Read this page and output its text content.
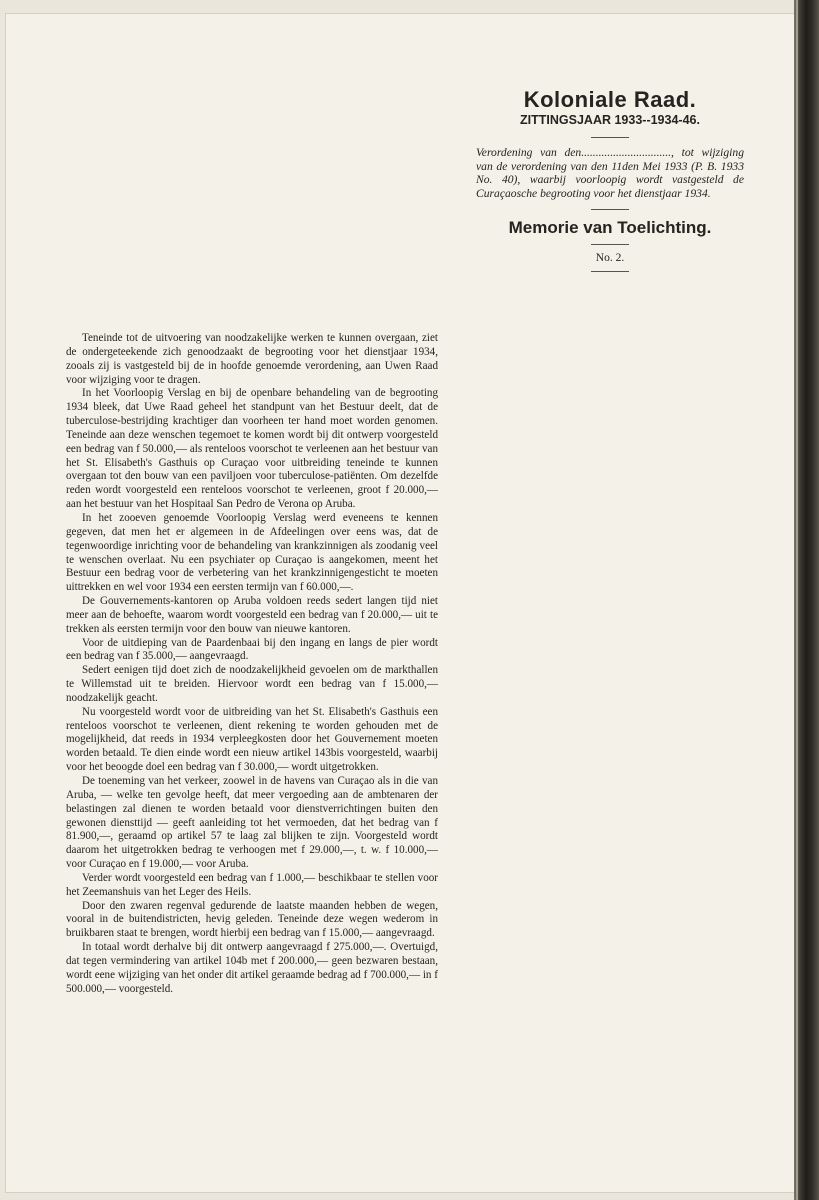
Koloniale Raad.
ZITTINGSJAAR 1933--1934-46.
Verordening van den..............................., tot wijziging van de verordening van den 11den Mei 1933 (P. B. 1933 No. 40), waarbij voorloopig wordt vastgesteld de Curaçaosche begrooting voor het dienstjaar 1934.
Memorie van Toelichting.
No. 2.

Teneinde tot de uitvoering van noodzakelijke werken te kunnen overgaan, ziet de ondergeteekende zich genoodzaakt de begrooting voor het dienstjaar 1934, zooals zij is vastgesteld bij de in hoofde genoemde verordening, aan Uwen Raad voor wijziging voor te dragen.

In het Voorloopig Verslag en bij de openbare behandeling van de begrooting 1934 bleek, dat Uwe Raad geheel het standpunt van het Bestuur deelt, dat de tuberculose-bestrijding krachtiger dan voorheen ter hand moet worden genomen. Teneinde aan deze wenschen tegemoet te komen wordt bij dit ontwerp voorgesteld een bedrag van f 50.000,— als renteloos voorschot te verleenen aan het bestuur van het St. Elisabeth's Gasthuis op Curaçao voor uitbreiding teneinde te kunnen overgaan tot den bouw van een paviljoen voor tuberculose-patiënten. Om dezelfde reden wordt voorgesteld een renteloos voorschot te verleenen, groot f 20.000,— aan het bestuur van het Hospitaal San Pedro de Verona op Aruba.

In het zooeven genoemde Voorloopig Verslag werd eveneens te kennen gegeven, dat men het er algemeen in de Afdeelingen over eens was, dat de tegenwoordige inrichting voor de behandeling van krankzinnigen als zoodanig veel te wenschen overlaat. Nu een psychiater op Curaçao is aangekomen, meent het Bestuur een bedrag voor de verbetering van het krankzinnigengesticht te moeten uittrekken en wel voor 1934 een eersten termijn van f 60.000,—.

De Gouvernements-kantoren op Aruba voldoen reeds sedert langen tijd niet meer aan de behoefte, waarom wordt voorgesteld een bedrag van f 20.000,— uit te trekken als eersten termijn voor den bouw van nieuwe kantoren.

Voor de uitdieping van de Paardenbaai bij den ingang en langs de pier wordt een bedrag van f 35.000,— aangevraagd.

Sedert eenigen tijd doet zich de noodzakelijkheid gevoelen om de markthallen te Willemstad uit te breiden. Hiervoor wordt een bedrag van f 15.000,— noodzakelijk geacht.

Nu voorgesteld wordt voor de uitbreiding van het St. Elisabeth's Gasthuis een renteloos voorschot te verleenen, dient rekening te worden gehouden met de mogelijkheid, dat reeds in 1934 verpleegkosten door het Gouvernement moeten worden betaald. Te dien einde wordt een nieuw artikel 143bis voorgesteld, waarbij voor het beoogde doel een bedrag van f 30.000,— wordt uitgetrokken.

De toeneming van het verkeer, zoowel in de havens van Curaçao als in die van Aruba, — welke ten gevolge heeft, dat meer vergoeding aan de ambtenaren der belastingen zal dienen te worden betaald voor dienstverrichtingen buiten den gewonen diensttijd — geeft aanleiding tot het vermoeden, dat het bedrag van f 81.900,—, geraamd op artikel 57 te laag zal blijken te zijn. Voorgesteld wordt daarom het uitgetrokken bedrag te verhoogen met f 29.000,—, t. w. f 10.000,— voor Curaçao en f 19.000,— voor Aruba.

Verder wordt voorgesteld een bedrag van f 1.000,— beschikbaar te stellen voor het Zeemanshuis van het Leger des Heils.

Door den zwaren regenval gedurende de laatste maanden hebben de wegen, vooral in de buitendistricten, hevig geleden. Teneinde deze wegen wederom in bruikbaren staat te brengen, wordt hierbij een bedrag van f 15.000,— aangevraagd.

In totaal wordt derhalve bij dit ontwerp aangevraagd f 275.000,—. Overtuigd, dat tegen vermindering van artikel 104b met f 200.000,— geen bezwaren bestaan, wordt eene wijziging van het onder dit artikel geraamde bedrag ad f 700.000,— in f 500.000,— voorgesteld.
